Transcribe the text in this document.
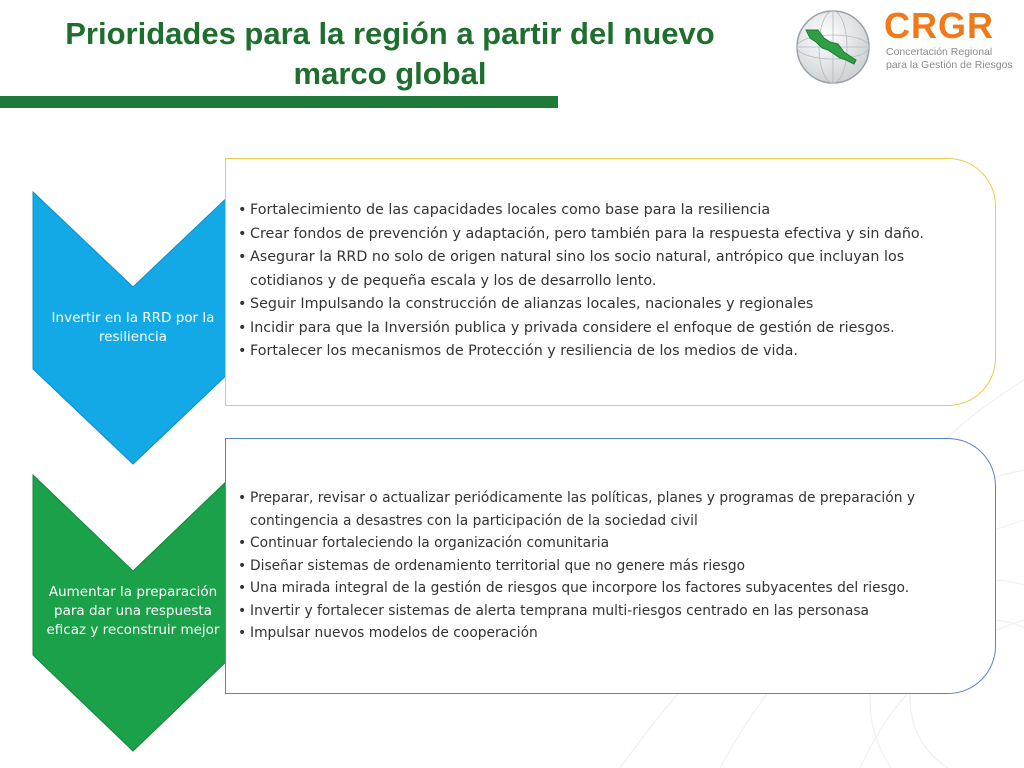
Prioridades para la región a partir del nuevo
marco global
CRGR
Concertación Regional
para la Gestión de Riesgos
Invertir en la RRD por la resiliencia
• Fortalecimiento de las capacidades locales como base para la resiliencia
• Crear fondos de prevención y adaptación, pero también para la respuesta efectiva y sin daño.
• Asegurar la RRD no solo de origen natural sino los socio natural, antrópico que incluyan los cotidianos y de pequeña escala y los de desarrollo lento.
• Seguir Impulsando la construcción de alianzas locales, nacionales y regionales
• Incidir para que la Inversión publica y privada considere el enfoque de gestión de riesgos.
• Fortalecer los mecanismos de Protección y resiliencia de los medios de vida.
Aumentar la preparación para dar una respuesta eficaz y reconstruir mejor
• Preparar, revisar o actualizar periódicamente las políticas, planes y programas de preparación y contingencia a desastres con la participación de la sociedad civil
• Continuar fortaleciendo la organización comunitaria
• Diseñar sistemas de ordenamiento territorial que no genere más riesgo
• Una mirada integral de la gestión de riesgos que incorpore los factores subyacentes del riesgo.
• Invertir y fortalecer sistemas de alerta temprana multi-riesgos centrado en las personasa
• Impulsar nuevos modelos de cooperación
